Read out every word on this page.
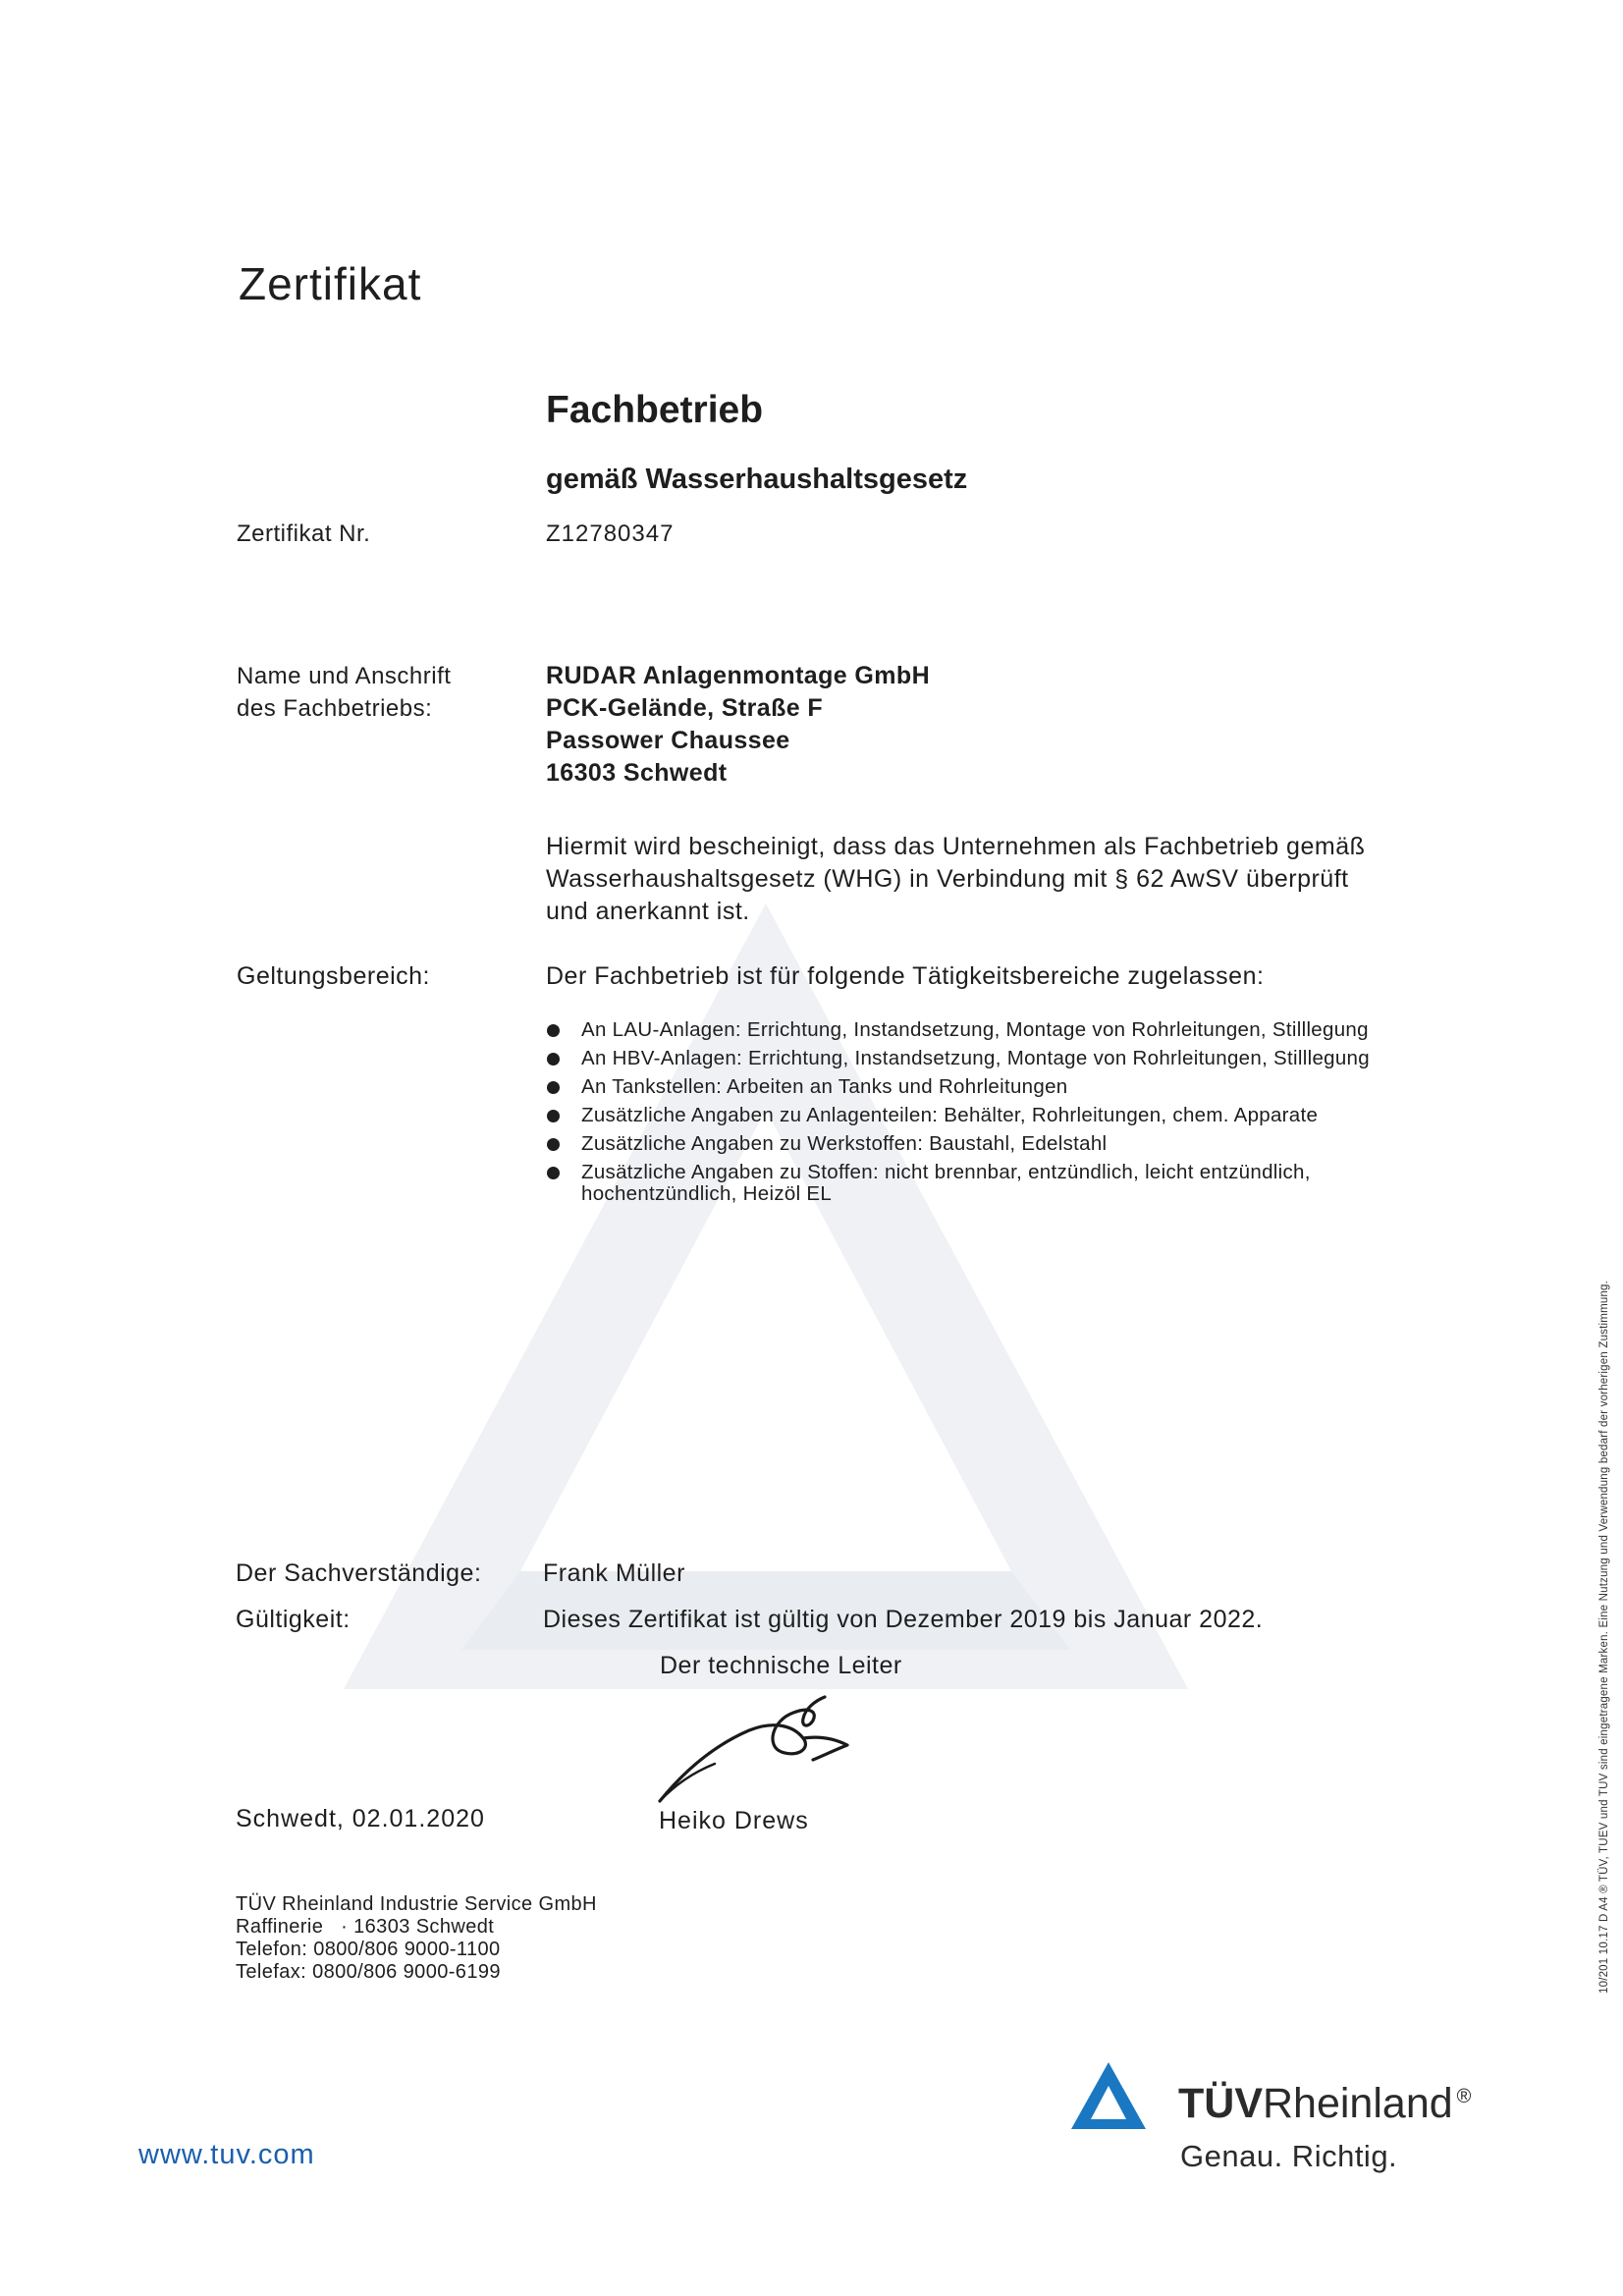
Zertifikat
Fachbetrieb
gemäß Wasserhaushaltsgesetz
Zertifikat Nr.	Z12780347
Name und Anschrift
des Fachbetriebs:
RUDAR Anlagenmontage GmbH
PCK-Gelände, Straße F
Passower Chaussee
16303 Schwedt
Hiermit wird bescheinigt, dass das Unternehmen als Fachbetrieb gemäß
Wasserhaushaltsgesetz (WHG) in Verbindung mit § 62 AwSV überprüft
und anerkannt ist.
Geltungsbereich:	Der Fachbetrieb ist für folgende Tätigkeitsbereiche zugelassen:
An LAU-Anlagen: Errichtung, Instandsetzung, Montage von Rohrleitungen, Stilllegung
An HBV-Anlagen: Errichtung, Instandsetzung, Montage von Rohrleitungen, Stilllegung
An Tankstellen: Arbeiten an Tanks und Rohrleitungen
Zusätzliche Angaben zu Anlagenteilen: Behälter, Rohrleitungen, chem. Apparate
Zusätzliche Angaben zu Werkstoffen: Baustahl, Edelstahl
Zusätzliche Angaben zu Stoffen: nicht brennbar, entzündlich, leicht entzündlich, hochentzündlich, Heizöl EL
Der Sachverständige:	Frank Müller
Gültigkeit:	Dieses Zertifikat ist gültig von Dezember 2019 bis Januar 2022.
Der technische Leiter
Schwedt, 02.01.2020	Heiko Drews
TÜV Rheinland Industrie Service GmbH
Raffinerie   · 16303 Schwedt
Telefon: 0800/806 9000-1100
Telefax: 0800/806 9000-6199
www.tuv.com
TÜVRheinland ®
Genau. Richtig.
10/201 10.17 D A4 ® TÜV, TUEV und TUV sind eingetragene Marken. Eine Nutzung und Verwendung bedarf der vorherigen Zustimmung.
